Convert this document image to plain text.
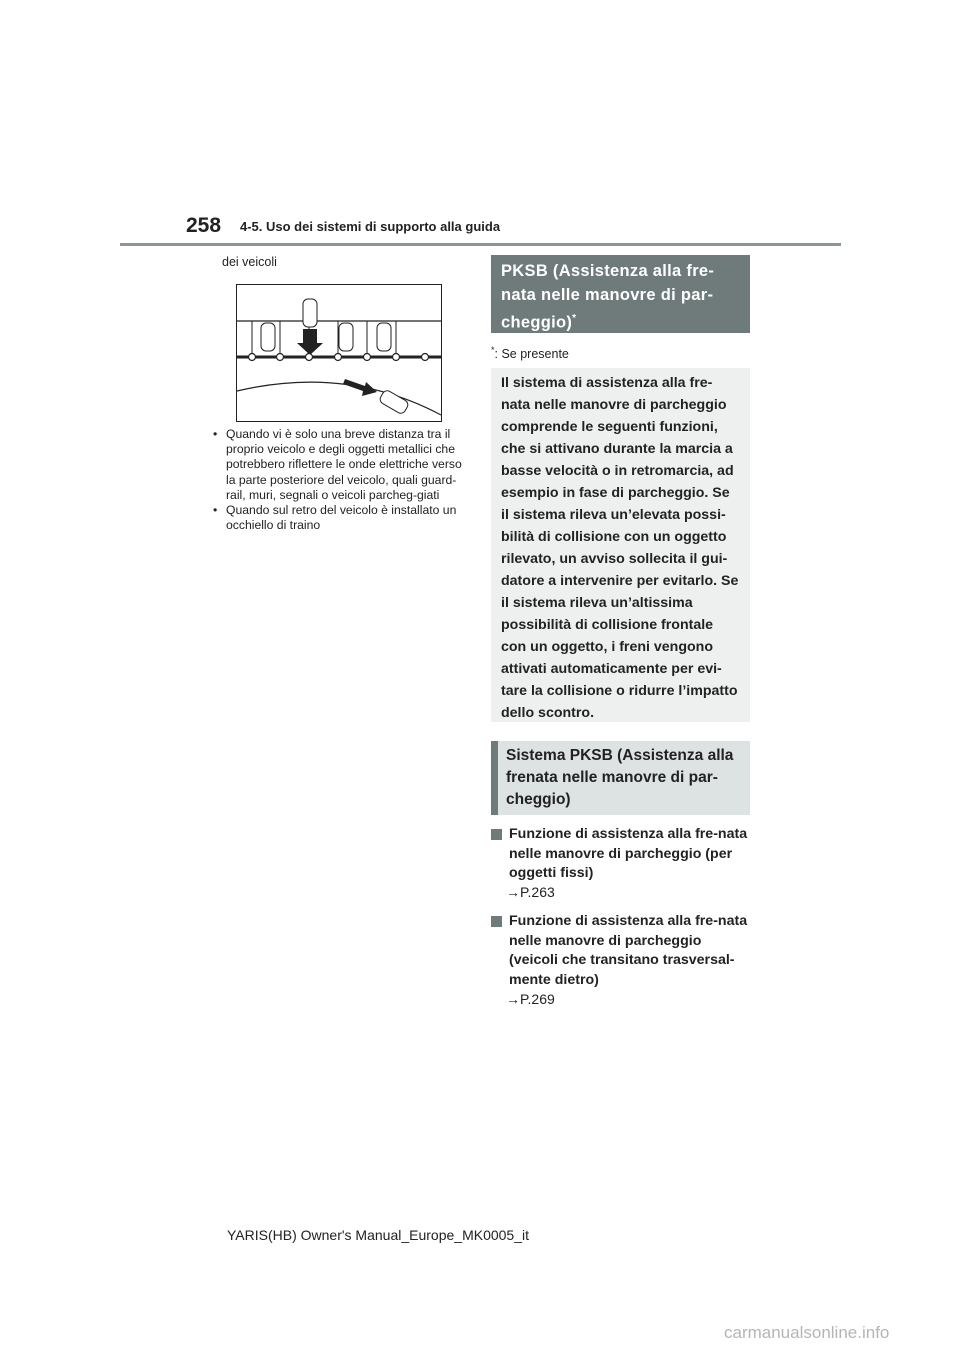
258 4-5. Uso dei sistemi di supporto alla guida
dei veicoli
• Quando vi è solo una breve distanza tra il proprio veicolo e degli oggetti metallici che potrebbero riflettere le onde elettriche verso la parte posteriore del veicolo, quali guard-rail, muri, segnali o veicoli parcheg-giati
• Quando sul retro del veicolo è installato un occhiello di traino
PKSB (Assistenza alla fre-nata nelle manovre di par-cheggio)*
*: Se presente
Il sistema di assistenza alla fre-nata nelle manovre di parcheggio comprende le seguenti funzioni, che si attivano durante la marcia a basse velocità o in retromarcia, ad esempio in fase di parcheggio. Se il sistema rileva un’elevata possi-bilità di collisione con un oggetto rilevato, un avviso sollecita il gui-datore a intervenire per evitarlo. Se il sistema rileva un’altissima possibilità di collisione frontale con un oggetto, i freni vengono attivati automaticamente per evi-tare la collisione o ridurre l’impatto dello scontro.
Sistema PKSB (Assistenza alla frenata nelle manovre di par-cheggio)
Funzione di assistenza alla fre-nata nelle manovre di parcheggio (per oggetti fissi)
→P.263
Funzione di assistenza alla fre-nata nelle manovre di parcheggio (veicoli che transitano trasversal-mente dietro)
→P.269
YARIS(HB) Owner's Manual_Europe_MK0005_it
carmanualsonline.info
